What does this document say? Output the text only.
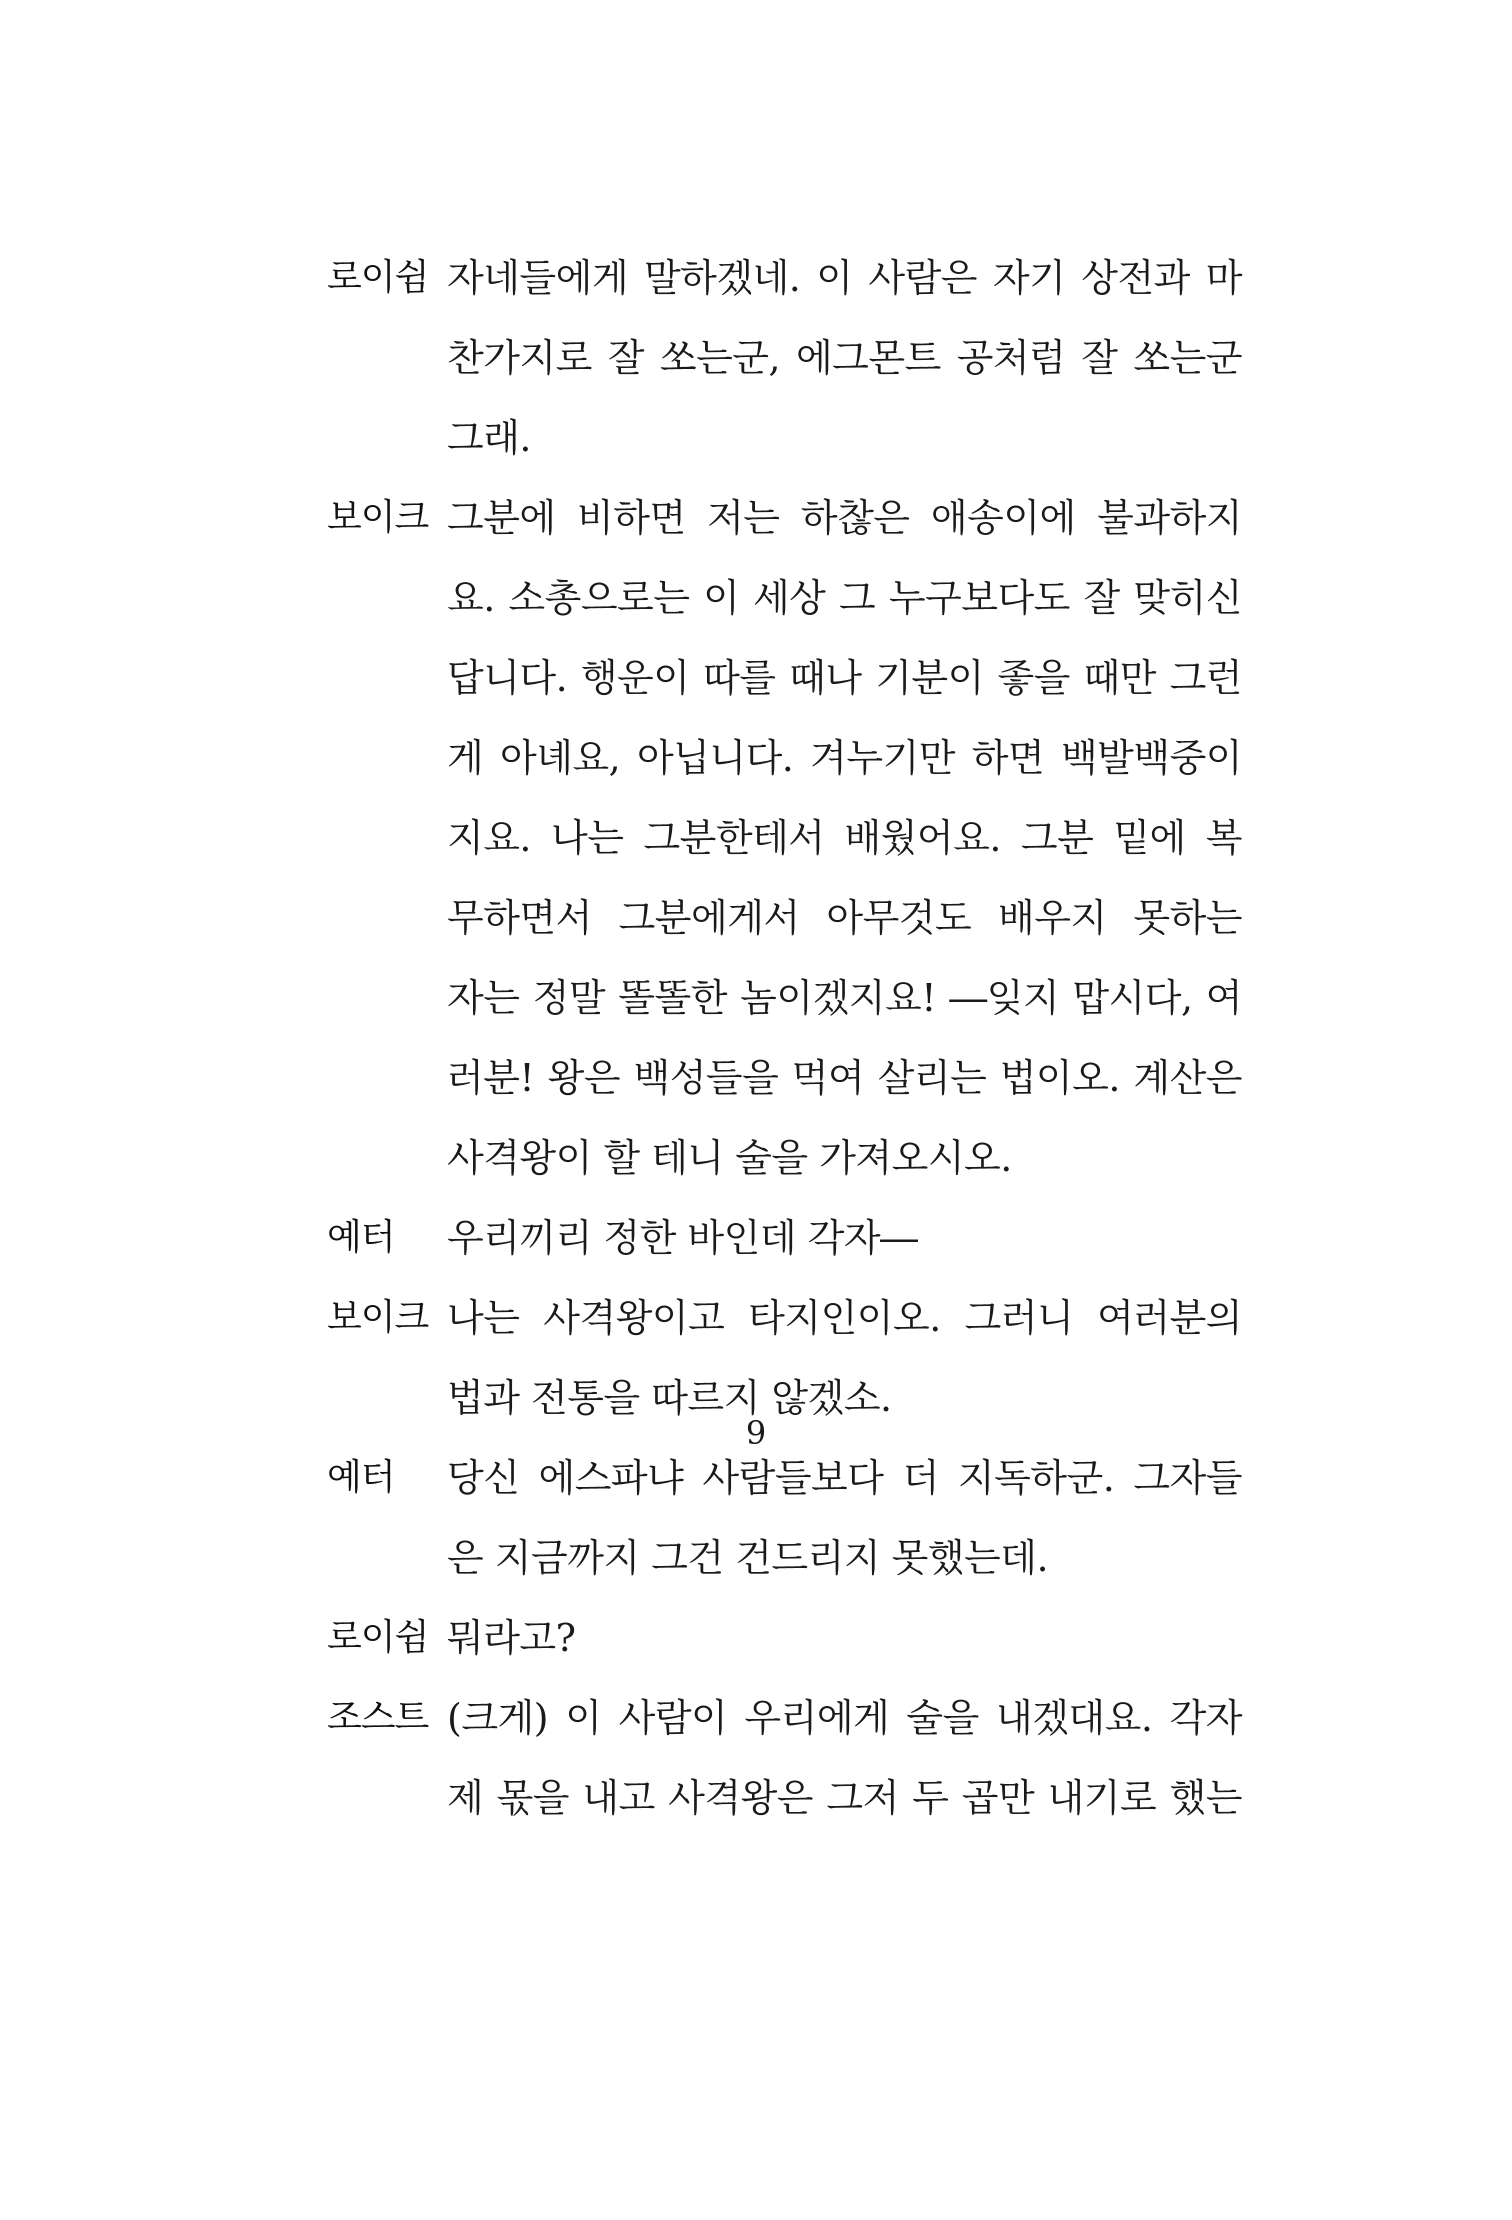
로이쉼 자네들에게 말하겠네. 이 사람은 자기 상전과 마
찬가지로 잘 쏘는군, 에그몬트 공처럼 잘 쏘는군
그래.
보이크 그분에 비하면 저는 하찮은 애송이에 불과하지
요. 소총으로는 이 세상 그 누구보다도 잘 맞히신
답니다. 행운이 따를 때나 기분이 좋을 때만 그런
게 아녜요, 아닙니다. 겨누기만 하면 백발백중이
지요. 나는 그분한테서 배웠어요. 그분 밑에 복
무하면서 그분에게서 아무것도 배우지 못하는
자는 정말 똘똘한 놈이겠지요! ―잊지 맙시다, 여
러분! 왕은 백성들을 먹여 살리는 법이오. 계산은
사격왕이 할 테니 술을 가져오시오.
예터 우리끼리 정한 바인데 각자―
보이크 나는 사격왕이고 타지인이오. 그러니 여러분의
법과 전통을 따르지 않겠소.
예터 당신 에스파냐 사람들보다 더 지독하군. 그자들
은 지금까지 그건 건드리지 못했는데.
로이쉼 뭐라고?
조스트 (크게) 이 사람이 우리에게 술을 내겠대요. 각자
제 몫을 내고 사격왕은 그저 두 곱만 내기로 했는
9
